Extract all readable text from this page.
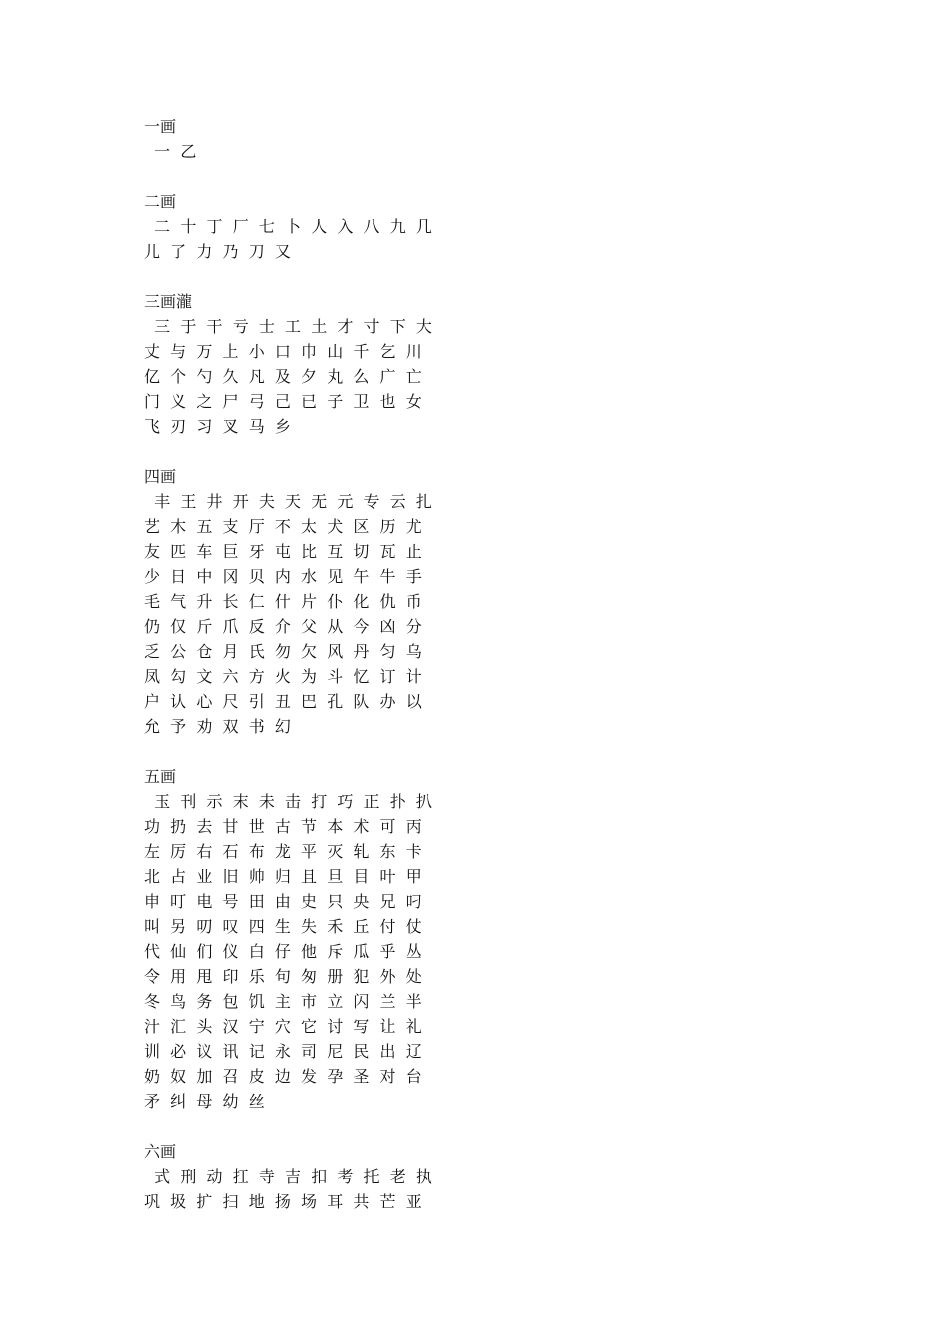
一画
一  乙
二画
二  十  丁  厂  七  卜  人  入  八  九  几
儿  了  力  乃  刀  又
三画瀧
三  于  干  亏  士  工  土  才  寸  下  大
丈  与  万  上  小  口  巾  山  千  乞  川
亿  个  勺  久  凡  及  夕  丸  么  广  亡
门  义  之  尸  弓  己  已  子  卫  也  女
飞  刃  习  叉  马  乡
四画
丰  王  井  开  夫  天  无  元  专  云  扎
艺  木  五  支  厅  不  太  犬  区  历  尤
友  匹  车  巨  牙  屯  比  互  切  瓦  止
少  日  中  冈  贝  内  水  见  午  牛  手
毛  气  升  长  仁  什  片  仆  化  仇  币
仍  仅  斤  爪  反  介  父  从  今  凶  分
乏  公  仓  月  氏  勿  欠  风  丹  匀  乌
凤  勾  文  六  方  火  为  斗  忆  订  计
户  认  心  尺  引  丑  巴  孔  队  办  以
允  予  劝  双  书  幻
五画
玉  刊  示  末  未  击  打  巧  正  扑  扒
功  扔  去  甘  世  古  节  本  术  可  丙
左  厉  右  石  布  龙  平  灭  轧  东  卡
北  占  业  旧  帅  归  且  旦  目  叶  甲
申  叮  电  号  田  由  史  只  央  兄  叼
叫  另  叨  叹  四  生  失  禾  丘  付  仗
代  仙  们  仪  白  仔  他  斥  瓜  乎  丛
令  用  甩  印  乐  句  匆  册  犯  外  处
冬  鸟  务  包  饥  主  市  立  闪  兰  半
汁  汇  头  汉  宁  穴  它  讨  写  让  礼
训  必  议  讯  记  永  司  尼  民  出  辽
奶  奴  加  召  皮  边  发  孕  圣  对  台
矛  纠  母  幼  丝
六画
式  刑  动  扛  寺  吉  扣  考  托  老  执
巩  圾  扩  扫  地  扬  场  耳  共  芒  亚
